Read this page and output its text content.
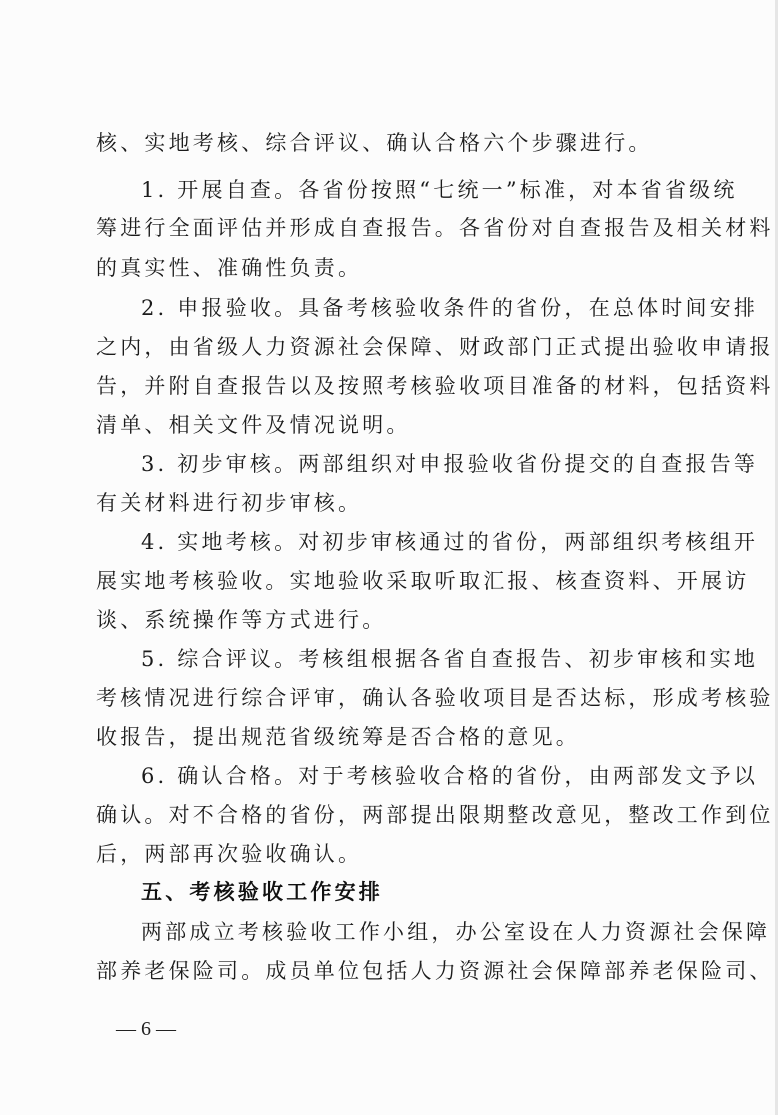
核、实地考核、综合评议、确认合格六个步骤进行。
1. 开展自查。各省份按照“七统一”标准，对本省省级统
筹进行全面评估并形成自查报告。各省份对自查报告及相关材料
的真实性、准确性负责。
2. 申报验收。具备考核验收条件的省份，在总体时间安排
之内，由省级人力资源社会保障、财政部门正式提出验收申请报
告，并附自查报告以及按照考核验收项目准备的材料，包括资料
清单、相关文件及情况说明。
3. 初步审核。两部组织对申报验收省份提交的自查报告等
有关材料进行初步审核。
4. 实地考核。对初步审核通过的省份，两部组织考核组开
展实地考核验收。实地验收采取听取汇报、核查资料、开展访
谈、系统操作等方式进行。
5. 综合评议。考核组根据各省自查报告、初步审核和实地
考核情况进行综合评审，确认各验收项目是否达标，形成考核验
收报告，提出规范省级统筹是否合格的意见。
6. 确认合格。对于考核验收合格的省份，由两部发文予以
确认。对不合格的省份，两部提出限期整改意见，整改工作到位
后，两部再次验收确认。
五、考核验收工作安排
两部成立考核验收工作小组，办公室设在人力资源社会保障
部养老保险司。成员单位包括人力资源社会保障部养老保险司、
— 6 —
